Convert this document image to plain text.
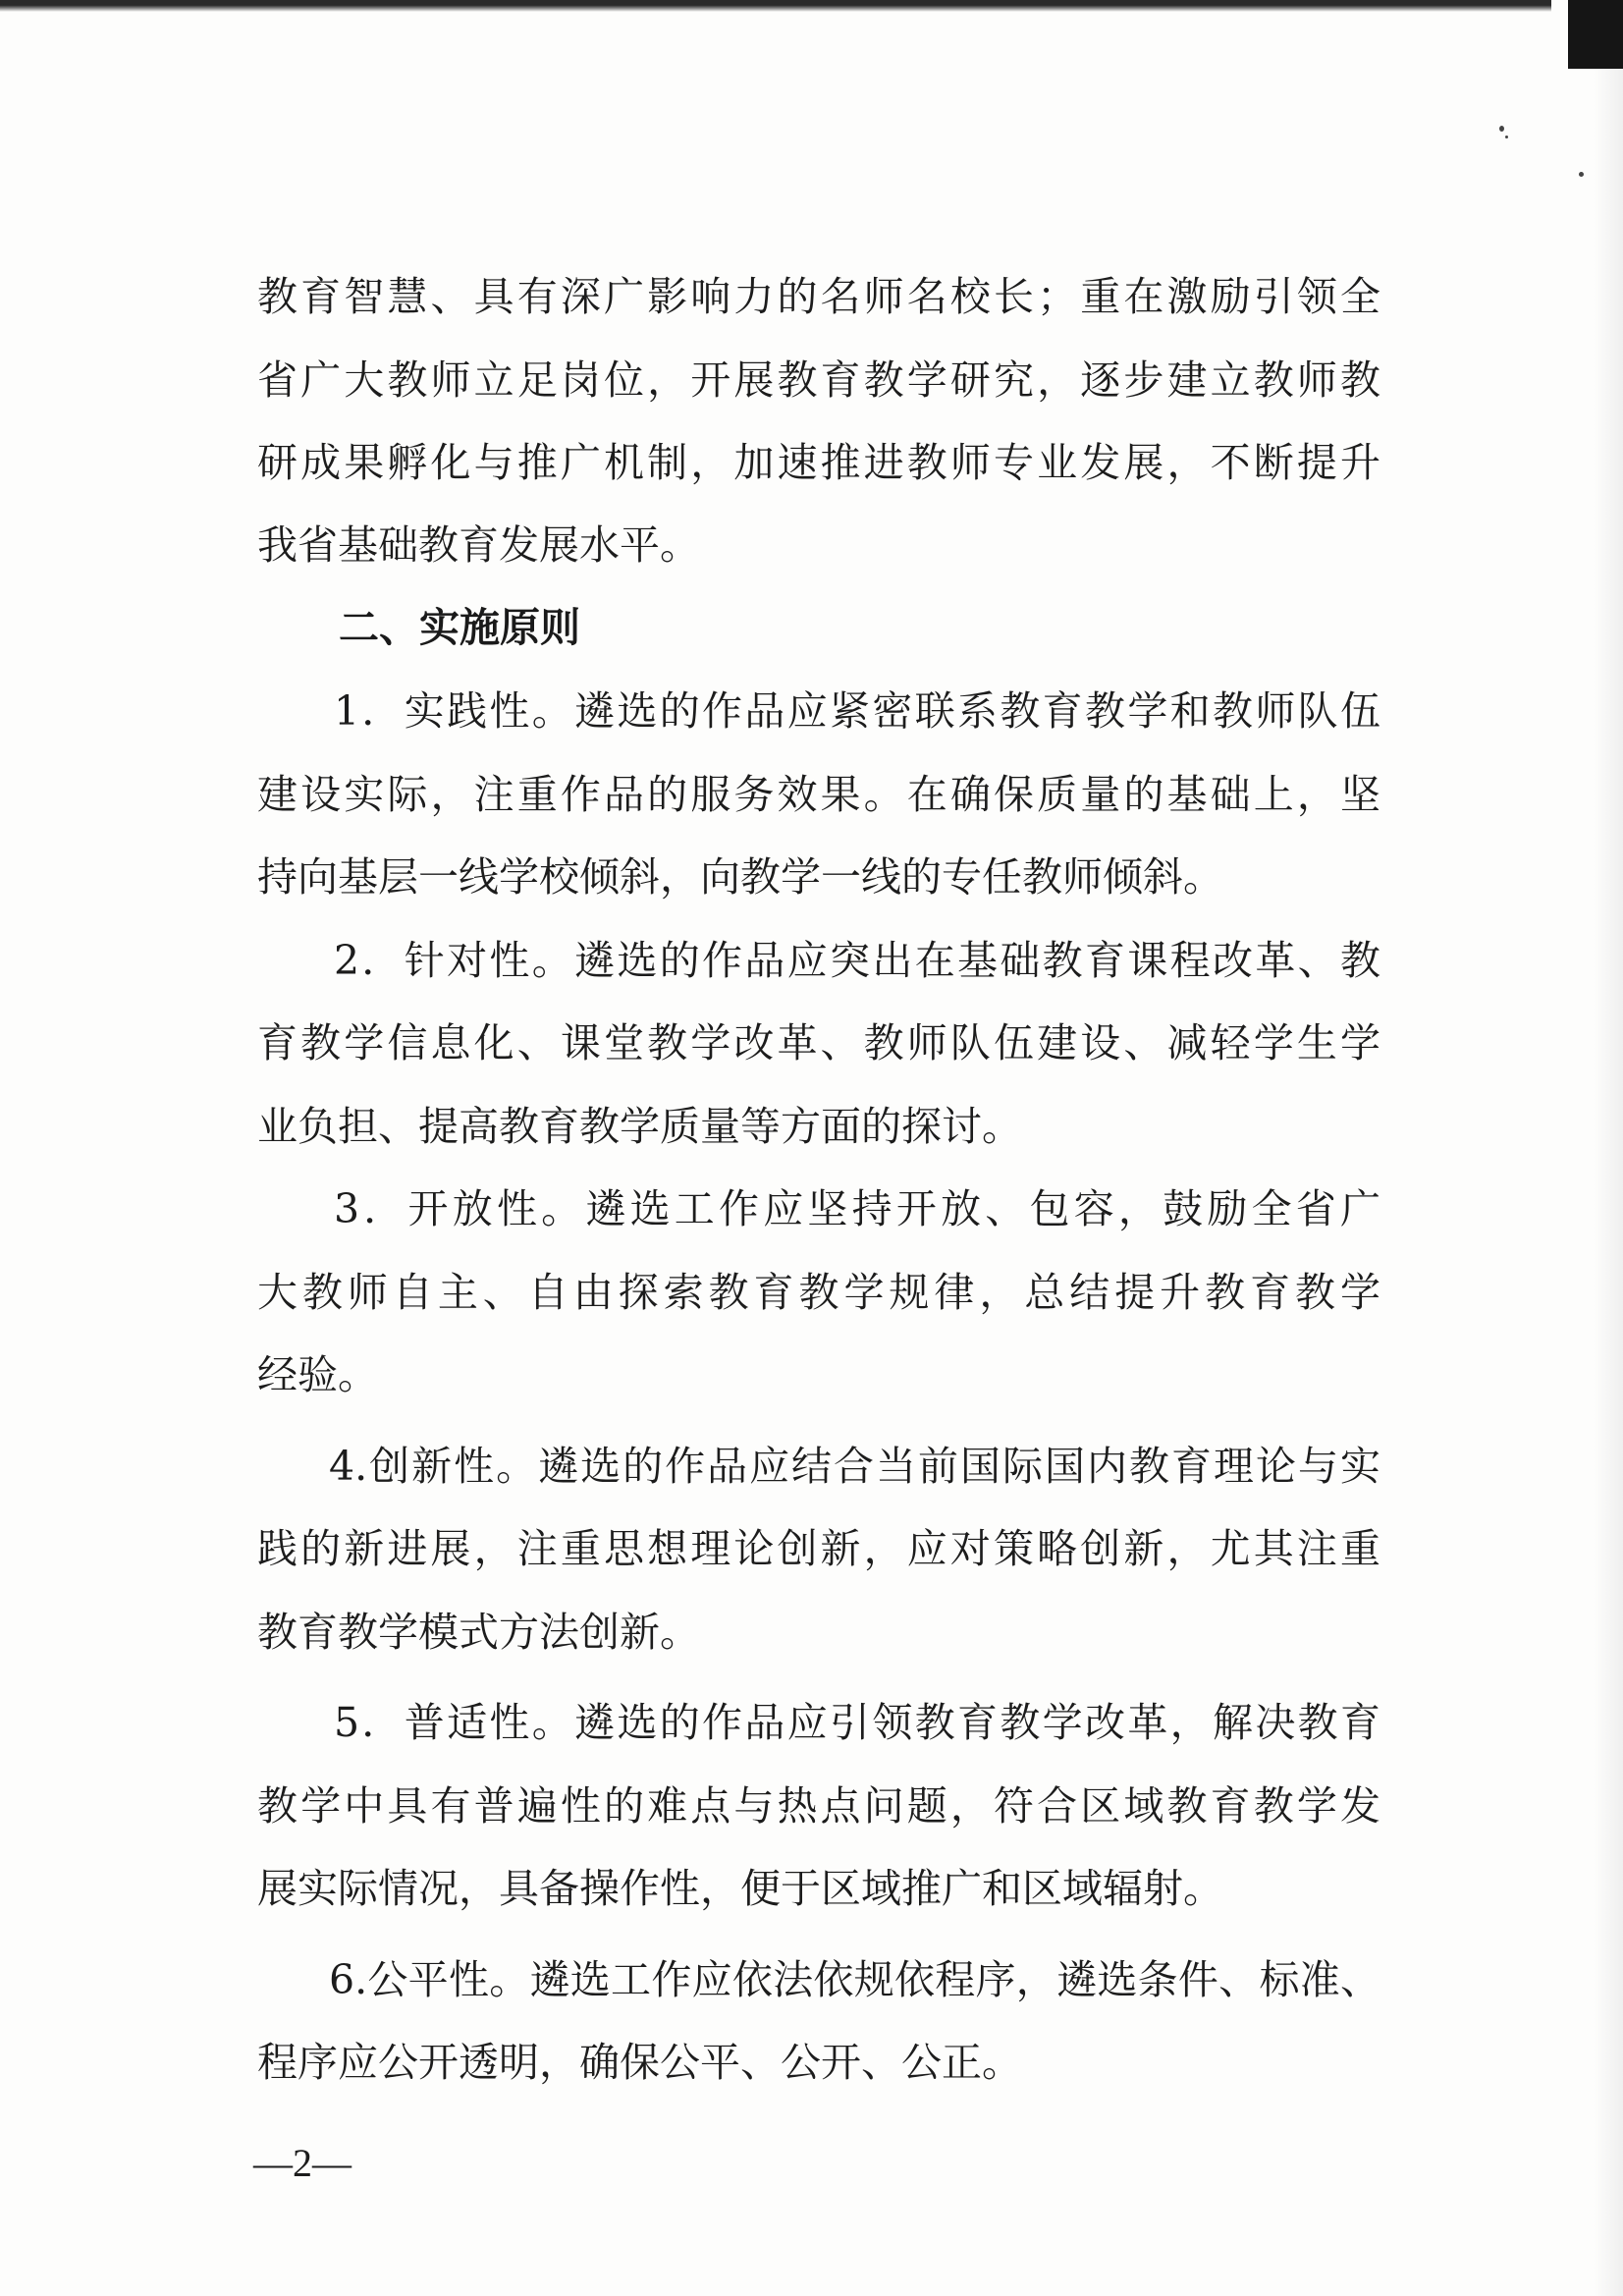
教育智慧、具有深广影响力的名师名校长；重在激励引领全
省广大教师立足岗位，开展教育教学研究，逐步建立教师教
研成果孵化与推广机制，加速推进教师专业发展，不断提升
我省基础教育发展水平。
二、实施原则
1．实践性。遴选的作品应紧密联系教育教学和教师队伍
建设实际，注重作品的服务效果。在确保质量的基础上，坚
持向基层一线学校倾斜，向教学一线的专任教师倾斜。
2．针对性。遴选的作品应突出在基础教育课程改革、教
育教学信息化、课堂教学改革、教师队伍建设、减轻学生学
业负担、提高教育教学质量等方面的探讨。
3．开放性。遴选工作应坚持开放、包容，鼓励全省广
大教师自主、自由探索教育教学规律，总结提升教育教学
经验。
4.创新性。遴选的作品应结合当前国际国内教育理论与实
践的新进展，注重思想理论创新，应对策略创新，尤其注重
教育教学模式方法创新。
5．普适性。遴选的作品应引领教育教学改革，解决教育
教学中具有普遍性的难点与热点问题，符合区域教育教学发
展实际情况，具备操作性，便于区域推广和区域辐射。
6.公平性。遴选工作应依法依规依程序，遴选条件、标准、
程序应公开透明，确保公平、公开、公正。
—2—
